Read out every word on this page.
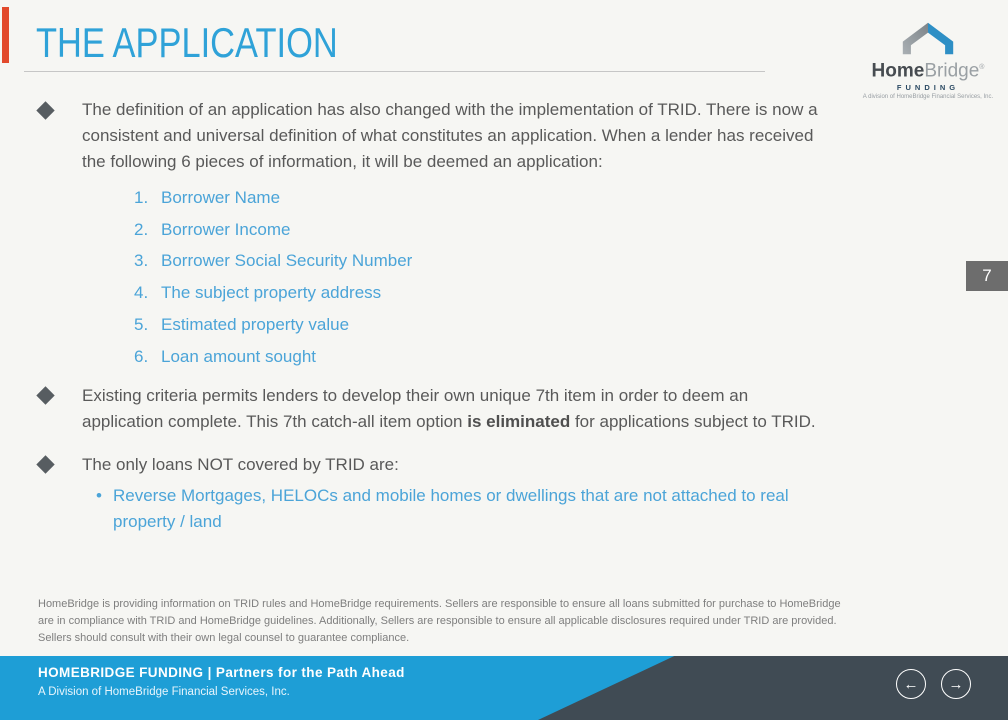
THE APPLICATION
HomeBridge®
FUNDING
A division of HomeBridge Financial Services, Inc.
7
The definition of an application has also changed with the implementation of TRID. There is now a
consistent and universal definition of what constitutes an application. When a lender has received
the following 6 pieces of information, it will be deemed an application:
1. Borrower Name
2. Borrower Income
3. Borrower Social Security Number
4. The subject property address
5. Estimated property value
6. Loan amount sought
Existing criteria permits lenders to develop their own unique 7th item in order to deem an
application complete. This 7th catch-all item option is eliminated for applications subject to TRID.
The only loans NOT covered by TRID are:
• Reverse Mortgages, HELOCs and mobile homes or dwellings that are not attached to real
property / land
HomeBridge is providing information on TRID rules and HomeBridge requirements. Sellers are responsible to ensure all loans submitted for purchase to HomeBridge
are in compliance with TRID and HomeBridge guidelines. Additionally, Sellers are responsible to ensure all applicable disclosures required under TRID are provided.
Sellers should consult with their own legal counsel to guarantee compliance.
HOMEBRIDGE FUNDING | Partners for the Path Ahead
A Division of HomeBridge Financial Services, Inc.	← →
